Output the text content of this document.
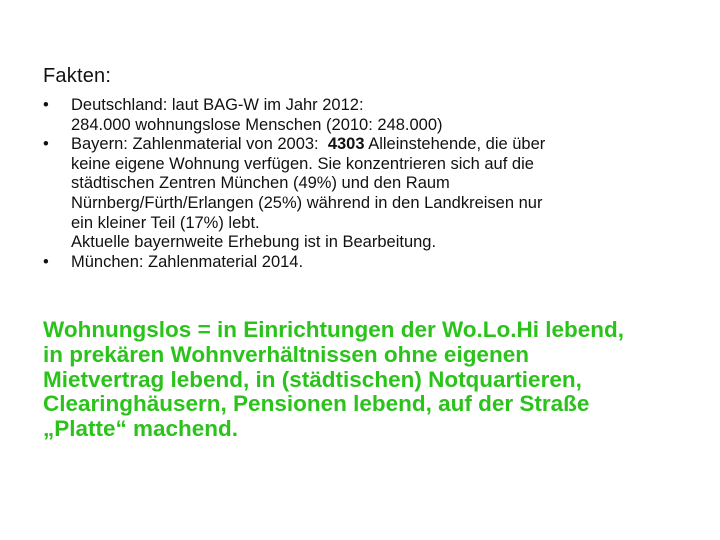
Fakten:
•	Deutschland: laut BAG-W im Jahr 2012:
284.000 wohnungslose Menschen (2010: 248.000)
•	Bayern: Zahlenmaterial von 2003:  4303 Alleinstehende, die über
keine eigene Wohnung verfügen. Sie konzentrieren sich auf die
städtischen Zentren München (49%) und den Raum
Nürnberg/Fürth/Erlangen (25%) während in den Landkreisen nur
ein kleiner Teil (17%) lebt.
Aktuelle bayernweite Erhebung ist in Bearbeitung.
•	München: Zahlenmaterial 2014.
Wohnungslos = in Einrichtungen der Wo.Lo.Hi lebend,
in prekären Wohnverhältnissen ohne eigenen
Mietvertrag lebend, in (städtischen) Notquartieren,
Clearinghäusern, Pensionen lebend, auf der Straße
„Platte“ machend.
